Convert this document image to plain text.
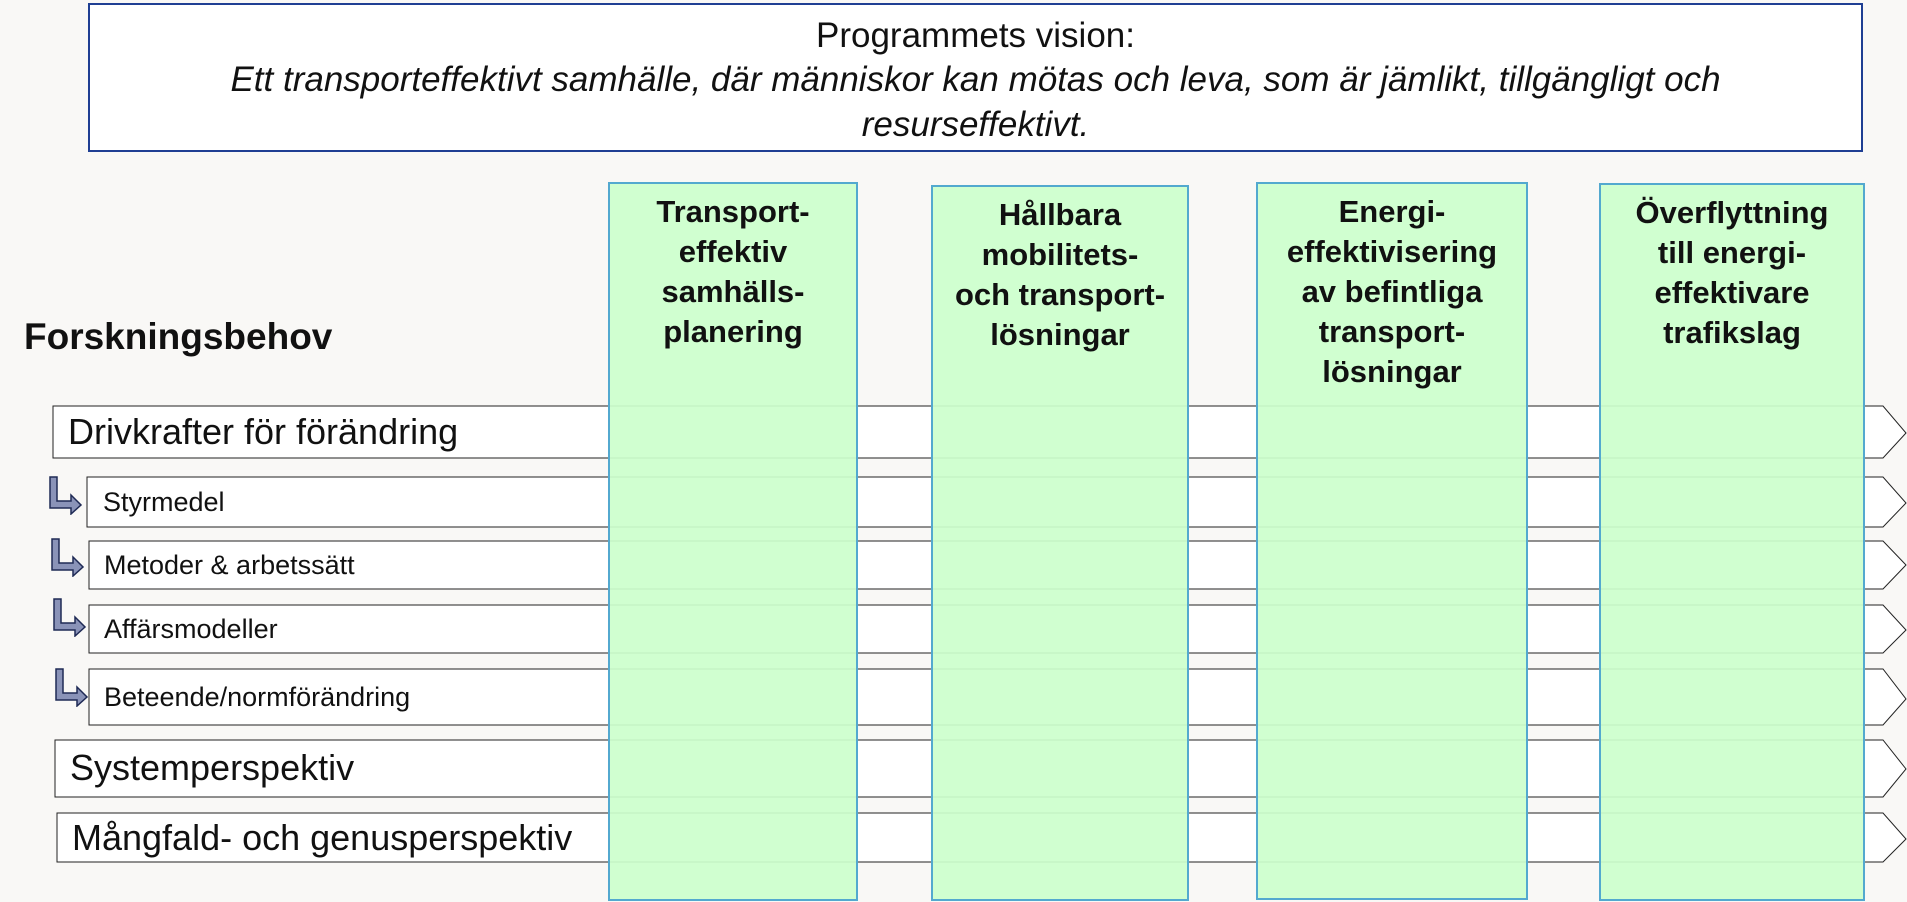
Programmets vision:
Ett transporteffektivt samhälle, där människor kan mötas och leva, som är jämlikt, tillgängligt och resurseffektivt.
Forskningsbehov
Drivkrafter för förändring
Styrmedel
Metoder & arbetssätt
Affärsmodeller
Beteende/normförändring
Systemperspektiv
Mångfald- och genusperspektiv
Transport-
effektiv
samhälls-
planering
Hållbara
mobilitets-
och transport-
lösningar
Energi-
effektivisering
av befintliga
transport-
lösningar
Överflyttning
till energi-
effektivare
trafikslag
